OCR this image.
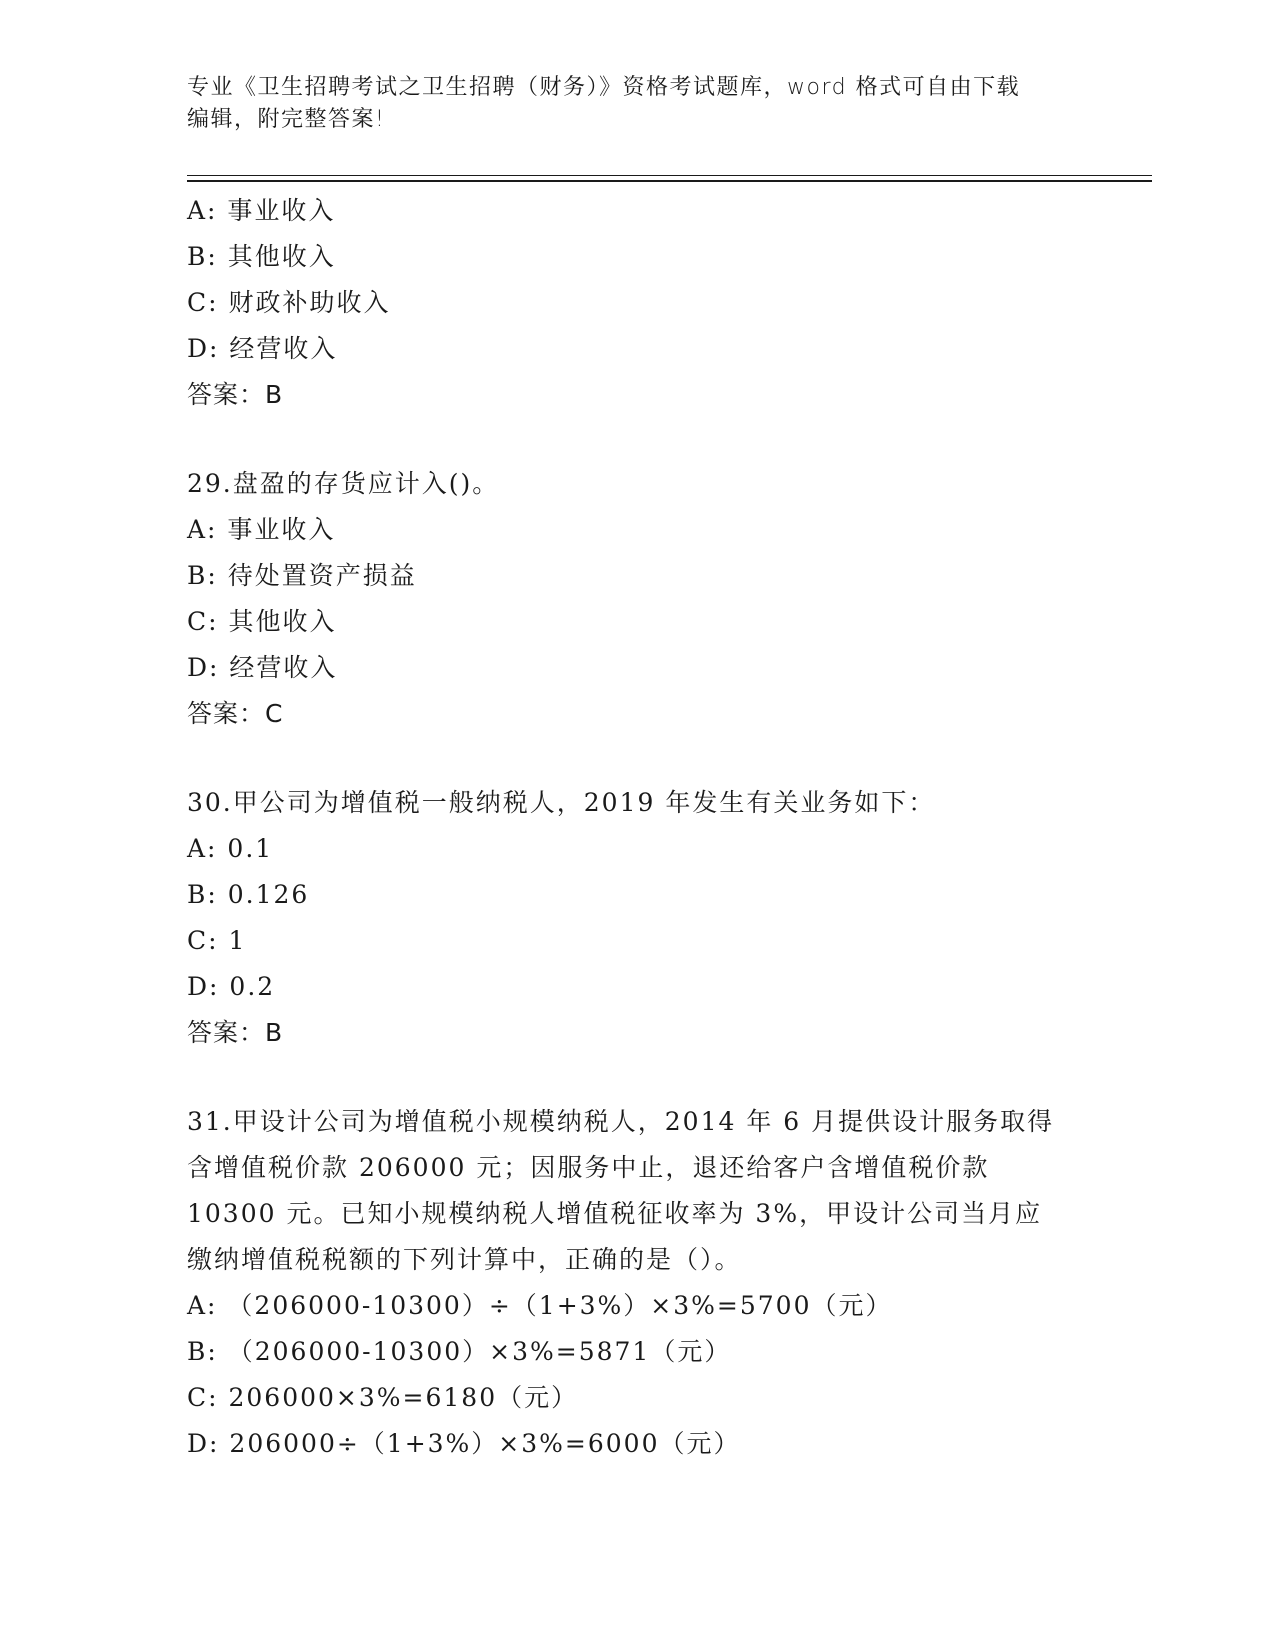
专业《卫生招聘考试之卫生招聘（财务）》资格考试题库，word 格式可自由下载
编辑，附完整答案!
A: 事业收入
B: 其他收入
C: 财政补助收入
D: 经营收入
答案：B
29.盘盈的存货应计入()。
A: 事业收入
B: 待处置资产损益
C: 其他收入
D: 经营收入
答案：C
30.甲公司为增值税一般纳税人，2019 年发生有关业务如下：
A: 0.1
B: 0.126
C: 1
D: 0.2
答案：B
31.甲设计公司为增值税小规模纳税人，2014 年 6 月提供设计服务取得
含增值税价款 206000 元；因服务中止，退还给客户含增值税价款
10300 元。已知小规模纳税人增值税征收率为 3%，甲设计公司当月应
缴纳增值税税额的下列计算中，正确的是（）。
A: （206000-10300）÷（1+3%）×3%=5700（元）
B: （206000-10300）×3%=5871（元）
C: 206000×3%=6180（元）
D: 206000÷（1+3%）×3%=6000（元）
